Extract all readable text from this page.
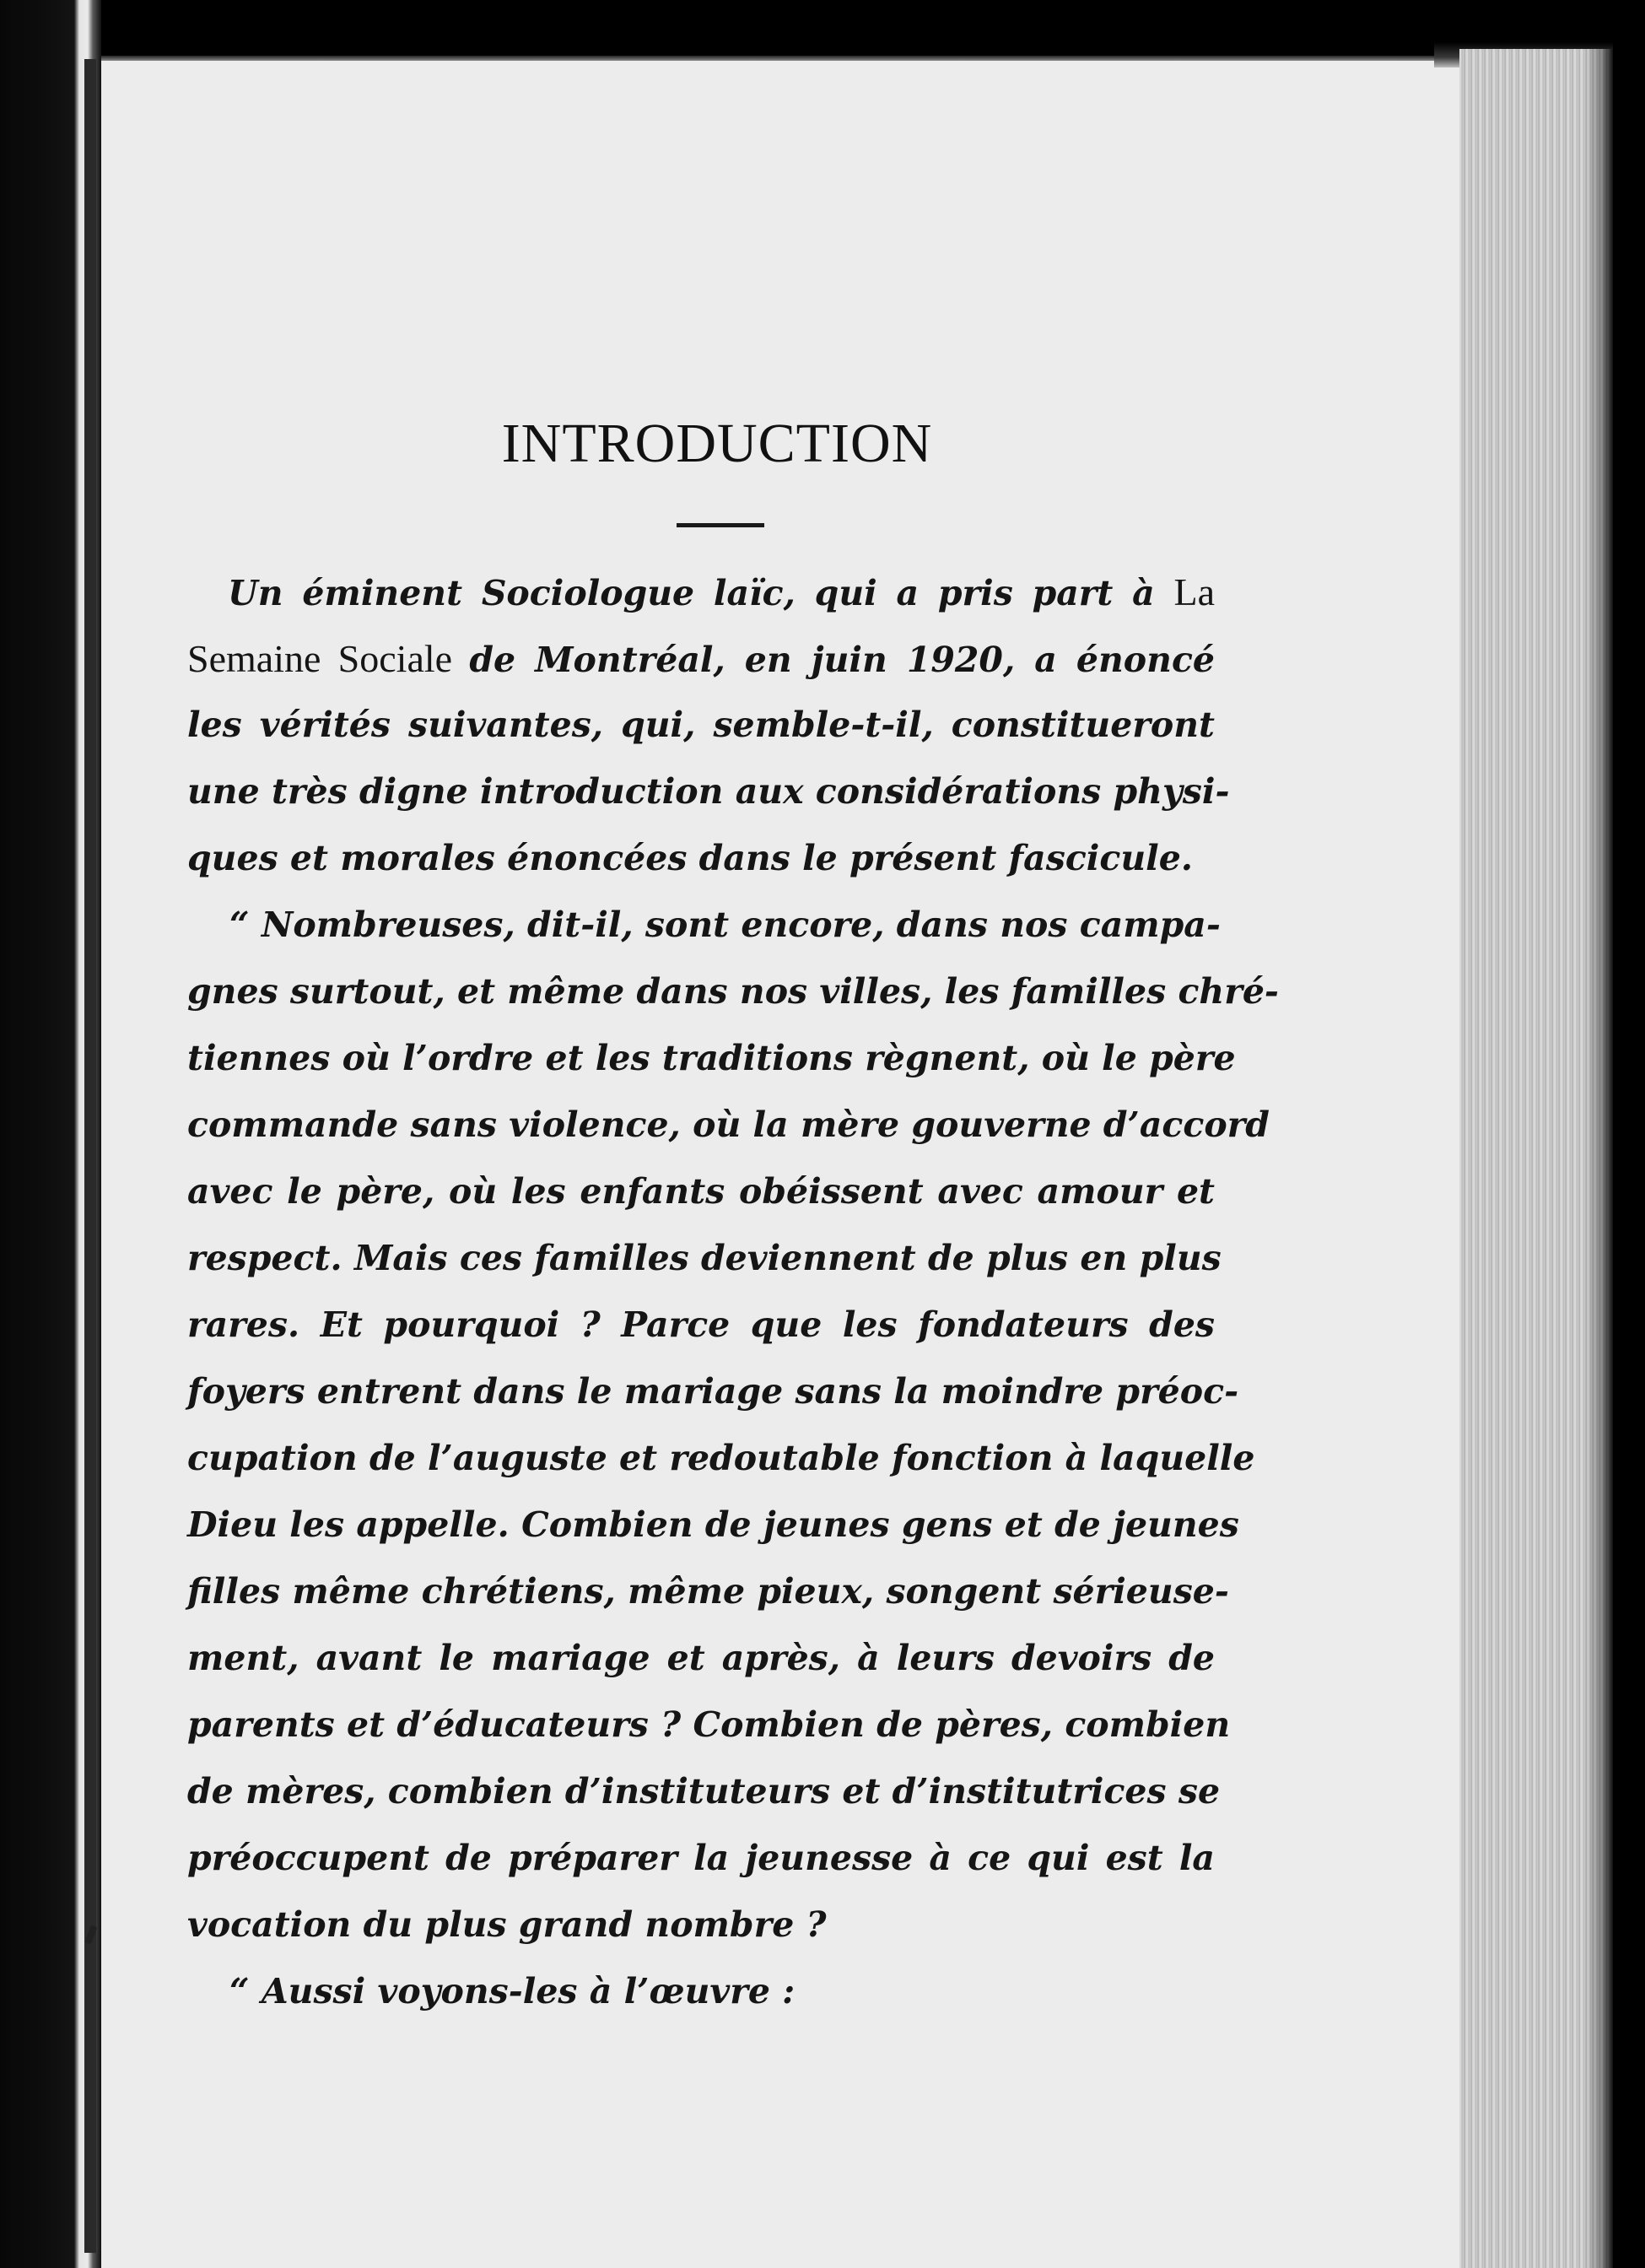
INTRODUCTION
Un éminent Sociologue laïc, qui a pris part à La
Semaine Sociale de Montréal, en juin 1920, a énoncé
les vérités suivantes, qui, semble-t-il, constitueront
une très digne introduction aux considérations physi-
ques et morales énoncées dans le présent fascicule.
“ Nombreuses, dit-il, sont encore, dans nos campa-
gnes surtout, et même dans nos villes, les familles chré-
tiennes où l’ordre et les traditions règnent, où le père
commande sans violence, où la mère gouverne d’accord
avec le père, où les enfants obéissent avec amour et
respect. Mais ces familles deviennent de plus en plus
rares. Et pourquoi ? Parce que les fondateurs des
foyers entrent dans le mariage sans la moindre préoc-
cupation de l’auguste et redoutable fonction à laquelle
Dieu les appelle. Combien de jeunes gens et de jeunes
filles même chrétiens, même pieux, songent sérieuse-
ment, avant le mariage et après, à leurs devoirs de
parents et d’éducateurs ? Combien de pères, combien
de mères, combien d’instituteurs et d’institutrices se
préoccupent de préparer la jeunesse à ce qui est la
vocation du plus grand nombre ?
“ Aussi voyons-les à l’œuvre :
